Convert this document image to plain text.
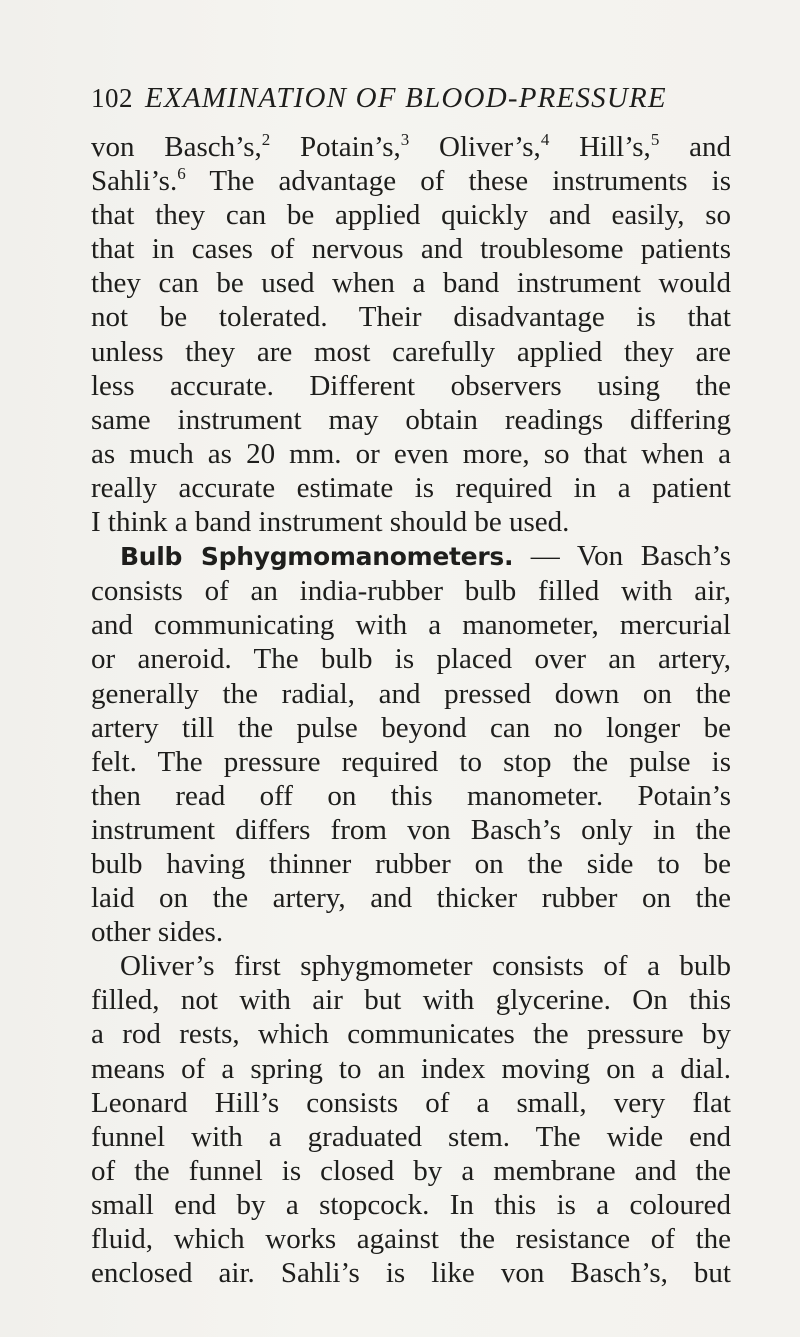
102 EXAMINATION OF BLOOD-PRESSURE

von Basch’s,$^2$ Potain’s,$^3$ Oliver’s,$^4$ Hill’s,$^5$ and
Sahli’s.$^6$ The advantage of these instruments is
that they can be applied quickly and easily, so
that in cases of nervous and troublesome patients
they can be used when a band instrument would
not be tolerated. Their disadvantage is that
unless they are most carefully applied they are
less accurate. Different observers using the
same instrument may obtain readings differing
as much as 20 mm. or even more, so that when a
really accurate estimate is required in a patient
I think a band instrument should be used.

Bulb Sphygmomanometers. — Von Basch’s
consists of an india-rubber bulb filled with air,
and communicating with a manometer, mercurial
or aneroid. The bulb is placed over an artery,
generally the radial, and pressed down on the
artery till the pulse beyond can no longer be
felt. The pressure required to stop the pulse is
then read off on this manometer. Potain’s
instrument differs from von Basch’s only in the
bulb having thinner rubber on the side to be
laid on the artery, and thicker rubber on the
other sides.

Oliver’s first sphygmometer consists of a bulb
filled, not with air but with glycerine. On this
a rod rests, which communicates the pressure by
means of a spring to an index moving on a dial.
Leonard Hill’s consists of a small, very flat
funnel with a graduated stem. The wide end
of the funnel is closed by a membrane and the
small end by a stopcock. In this is a coloured
fluid, which works against the resistance of the
enclosed air. Sahli’s is like von Basch’s, but
